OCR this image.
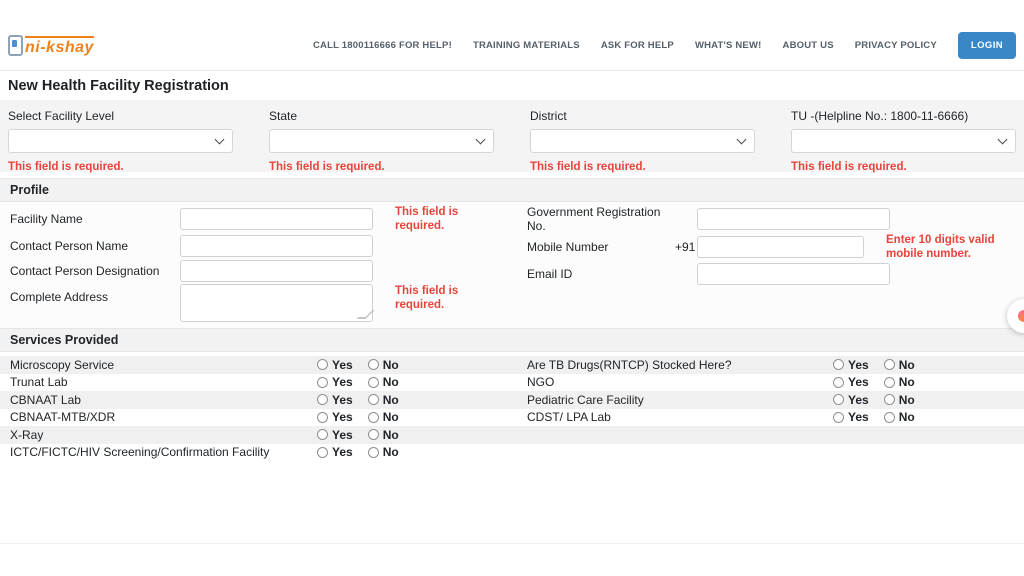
ni-kshay	CALL 1800116666 FOR HELP! TRAINING MATERIALS ASK FOR HELP WHAT'S NEW! ABOUT US PRIVACY POLICY	LOGIN
New Health Facility Registration
Select Facility Level
This field is required.
State
This field is required.
District
This field is required.
TU -(Helpline No.: 1800-11-6666)
This field is required.
Profile
Facility Name
This field is required.
Contact Person Name
Contact Person Designation
Complete Address	This field is required.
Government Registration No.
Mobile Number	+91
Enter 10 digits valid mobile number.
Email ID
Services Provided
Microscopy Service	Yes	No	Are TB Drugs(RNTCP) Stocked Here?	Yes	No
Trunat Lab	Yes	No	NGO	Yes	No
CBNAAT Lab	Yes	No	Pediatric Care Facility	Yes	No
CBNAAT-MTB/XDR	Yes	No	CDST/ LPA Lab	Yes	No
X-Ray	Yes	No
ICTC/FICTC/HIV Screening/Confirmation Facility	Yes	No
